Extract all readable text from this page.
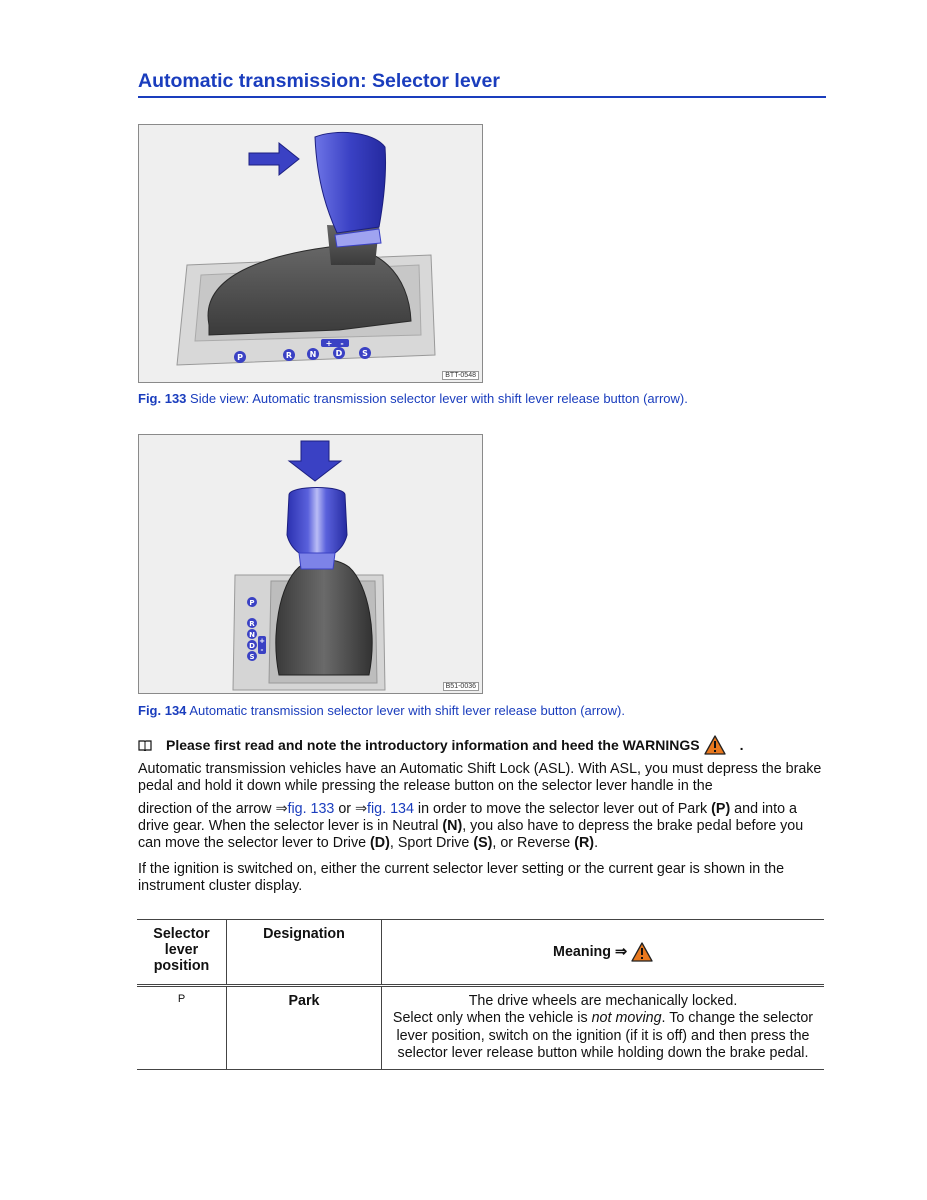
Automatic transmission: Selector lever
P	R N D S
+ -
BTT-0548
Fig. 133 Side view: Automatic transmission selector lever with shift lever release button (arrow).
P
R
N
D
S
+
-
B51-0036
Fig. 134 Automatic transmission selector lever with shift lever release button (arrow).
Please first read and note the introductory information and heed the WARNINGS	.
Automatic transmission vehicles have an Automatic Shift Lock (ASL). With ASL, you must depress the brake pedal and hold it down while pressing the release button on the selector lever handle in the
direction of the arrow ⇒fig. 133 or ⇒fig. 134 in order to move the selector lever out of Park (P) and into a drive gear. When the selector lever is in Neutral (N), you also have to depress the brake pedal before you can move the selector lever to Drive (D), Sport Drive (S), or Reverse (R).
If the ignition is switched on, either the current selector lever setting or the current gear is shown in the instrument cluster display.
Selector lever position	Designation	Meaning ⇒
P	Park	The drive wheels are mechanically locked.
Select only when the vehicle is not moving. To change the selector lever position, switch on the ignition (if it is off) and then press the selector lever release button while holding down the brake pedal.
